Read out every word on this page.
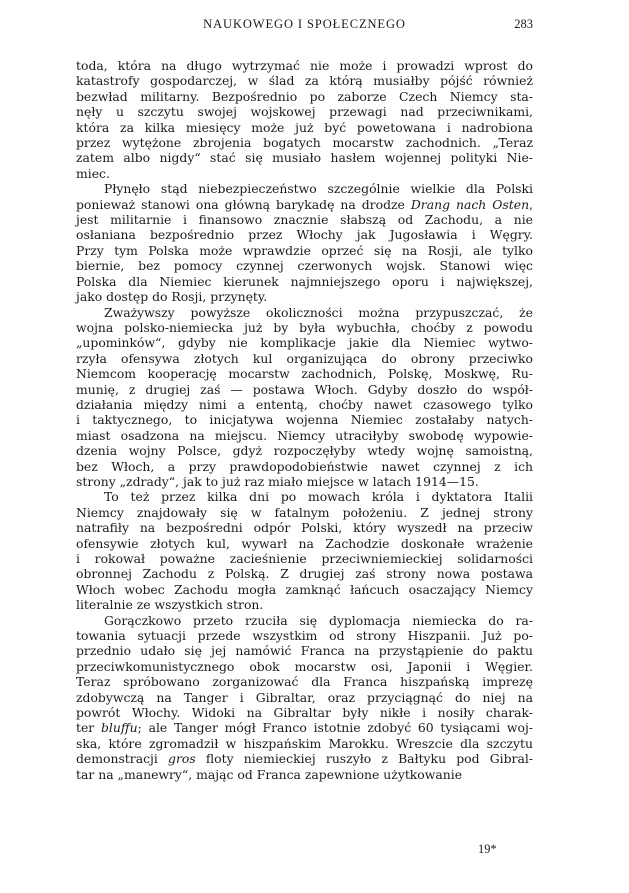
NAUKOWEGO I SPOŁECZNEGO	283
toda, która na długo wytrzymać nie może i prowadzi wprost do
katastrofy gospodarczej, w ślad za którą musiałby pójść również
bezwład militarny. Bezpośrednio po zaborze Czech Niemcy sta-
nęły u szczytu swojej wojskowej przewagi nad przeciwnikami,
która za kilka miesięcy może już być powetowana i nadrobiona
przez wytężone zbrojenia bogatych mocarstw zachodnich. „Teraz
zatem albo nigdy“ stać się musiało hasłem wojennej polityki Nie-
miec.
Płynęło stąd niebezpieczeństwo szczególnie wielkie dla Polski
ponieważ stanowi ona główną barykadę na drodze Drang nach Osten,
jest militarnie i finansowo znacznie słabszą od Zachodu, a nie
osłaniana bezpośrednio przez Włochy jak Jugosławia i Węgry.
Przy tym Polska może wprawdzie oprzeć się na Rosji, ale tylko
biernie, bez pomocy czynnej czerwonych wojsk. Stanowi więc
Polska dla Niemiec kierunek najmniejszego oporu i największej,
jako dostęp do Rosji, przynęty.
Zważywszy powyższe okoliczności można przypuszczać, że
wojna polsko-niemiecka już by była wybuchła, choćby z powodu
„upominków“, gdyby nie komplikacje jakie dla Niemiec wytwo-
rzyła ofensywa złotych kul organizująca do obrony przeciwko
Niemcom kooperację mocarstw zachodnich, Polskę, Moskwę, Ru-
munię, z drugiej zaś — postawa Włoch. Gdyby doszło do współ-
działania między nimi a ententą, choćby nawet czasowego tylko
i taktycznego, to inicjatywa wojenna Niemiec zostałaby natych-
miast osadzona na miejscu. Niemcy utraciłyby swobodę wypowie-
dzenia wojny Polsce, gdyż rozpoczęłyby wtedy wojnę samoistną,
bez Włoch, a przy prawdopodobieństwie nawet czynnej z ich
strony „zdrady“, jak to już raz miało miejsce w latach 1914—15.
To też przez kilka dni po mowach króla i dyktatora Italii
Niemcy znajdowały się w fatalnym położeniu. Z jednej strony
natrafiły na bezpośredni odpór Polski, który wyszedł na przeciw
ofensywie złotych kul, wywarł na Zachodzie doskonałe wrażenie
i rokował poważne zacieśnienie przeciwniemieckiej solidarności
obronnej Zachodu z Polską. Z drugiej zaś strony nowa postawa
Włoch wobec Zachodu mogła zamknąć łańcuch osaczający Niemcy
literalnie ze wszystkich stron.
Gorączkowo przeto rzuciła się dyplomacja niemiecka do ra-
towania sytuacji przede wszystkim od strony Hiszpanii. Już po-
przednio udało się jej namówić Franca na przystąpienie do paktu
przeciwkomunistycznego obok mocarstw osi, Japonii i Węgier.
Teraz spróbowano zorganizować dla Franca hiszpańską imprezę
zdobywczą na Tanger i Gibraltar, oraz przyciągnąć do niej na
powrót Włochy. Widoki na Gibraltar były nikłe i nosiły charak-
ter bluffu; ale Tanger mógł Franco istotnie zdobyć 60 tysiącami woj-
ska, które zgromadził w hiszpańskim Marokku. Wreszcie dla szczytu
demonstracji gros floty niemieckiej ruszyło z Bałtyku pod Gibral-
tar na „manewry“, mając od Franca zapewnione użytkowanie
19*
